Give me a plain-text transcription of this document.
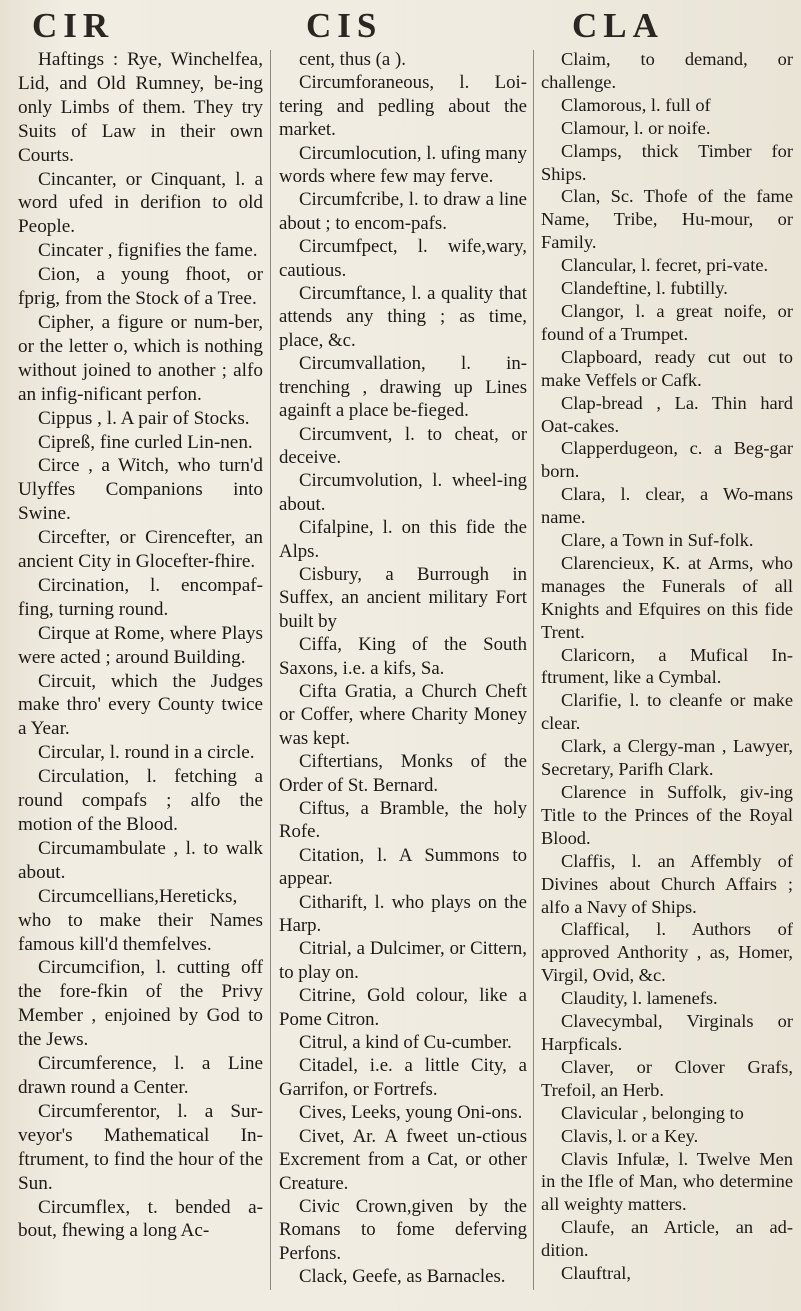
CIR	CIS	CLA

Haftings : Rye, Winchelfea, Lid, and Old Rumney, be-ing only Limbs of them. They try Suits of Law in their own Courts.

Cincanter, or Cinquant, l. a word ufed in derifion to old People.

Cincater , fignifies the fame.

Cion, a young fhoot, or fprig, from the Stock of a Tree.

Cipher, a figure or num-ber, or the letter o, which is nothing without joined to another ; alfo an infig-nificant perfon.

Cippus , l. A pair of Stocks.

Cipreß, fine curled Lin-nen.

Circe , a Witch, who turn'd Ulyffes Companions into Swine.

Circefter, or Cirencefter, an ancient City in Glocefter-fhire.

Circination, l. encompaf-fing, turning round.

Cirque at Rome, where Plays were acted ; around Building.

Circuit, which the Judges make thro' every County twice a Year.

Circular, l. round in a circle.

Circulation, l. fetching a round compafs ; alfo the motion of the Blood.

Circumambulate , l. to walk about.

Circumcellians,Hereticks, who to make their Names famous kill'd themfelves.

Circumcifion, l. cutting off the fore-fkin of the Privy Member , enjoined by God to the Jews.

Circumference, l. a Line drawn round a Center.

Circumferentor, l. a Sur-veyor's Mathematical In-ftrument, to find the hour of the Sun.

Circumflex, t. bended a-bout, fhewing a long Ac-

cent, thus (a ).

Circumforaneous, l. Loi-tering and pedling about the market.

Circumlocution, l. ufing many words where few may ferve.

Circumfcribe, l. to draw a line about ; to encom-pafs.

Circumfpect, l. wife,wary, cautious.

Circumftance, l. a quality that attends any thing ; as time, place, &c.

Circumvallation, l. in-trenching , drawing up Lines againft a place be-fieged.

Circumvent, l. to cheat, or deceive.

Circumvolution, l. wheel-ing about.

Cifalpine, l. on this fide the Alps.

Cisbury, a Burrough in Suffex, an ancient military Fort built by

Ciffa, King of the South Saxons, i.e. a kifs, Sa.

Cifta Gratia, a Church Cheft or Coffer, where Charity Money was kept.

Ciftertians, Monks of the Order of St. Bernard.

Ciftus, a Bramble, the holy Rofe.

Citation, l. A Summons to appear.

Citharift, l. who plays on the Harp.

Citrial, a Dulcimer, or Cittern, to play on.

Citrine, Gold colour, like a Pome Citron.

Citrul, a kind of Cu-cumber.

Citadel, i.e. a little City, a Garrifon, or Fortrefs.

Cives, Leeks, young Oni-ons.

Civet, Ar. A fweet un-ctious Excrement from a Cat, or other Creature.

Civic Crown,given by the Romans to fome deferving Perfons.

Clack, Geefe, as Barnacles.

Claim, to demand, or challenge.

Clamorous, l. full of

Clamour, l. or noife.

Clamps, thick Timber for Ships.

Clan, Sc. Thofe of the fame Name, Tribe, Hu-mour, or Family.

Clancular, l. fecret, pri-vate.

Clandeftine, l. fubtilly.

Clangor, l. a great noife, or found of a Trumpet.

Clapboard, ready cut out to make Veffels or Cafk.

Clap-bread , La. Thin hard Oat-cakes.

Clapperdugeon, c. a Beg-gar born.

Clara, l. clear, a Wo-mans name.

Clare, a Town in Suf-folk.

Clarencieux, K. at Arms, who manages the Funerals of all Knights and Efquires on this fide Trent.

Claricorn, a Mufical In-ftrument, like a Cymbal.

Clarifie, l. to cleanfe or make clear.

Clark, a Clergy-man , Lawyer, Secretary, Parifh Clark.

Clarence in Suffolk, giv-ing Title to the Princes of the Royal Blood.

Claffis, l. an Affembly of Divines about Church Affairs ; alfo a Navy of Ships.

Claffical, l. Authors of approved Anthority , as, Homer, Virgil, Ovid, &c.

Claudity, l. lamenefs.

Clavecymbal, Virginals or Harpficals.

Claver, or Clover Grafs, Trefoil, an Herb.

Clavicular , belonging to

Clavis, l. or a Key.

Clavis Infulæ, l. Twelve Men in the Ifle of Man, who determine all weighty matters.

Claufe, an Article, an ad-dition.

Clauftral,
